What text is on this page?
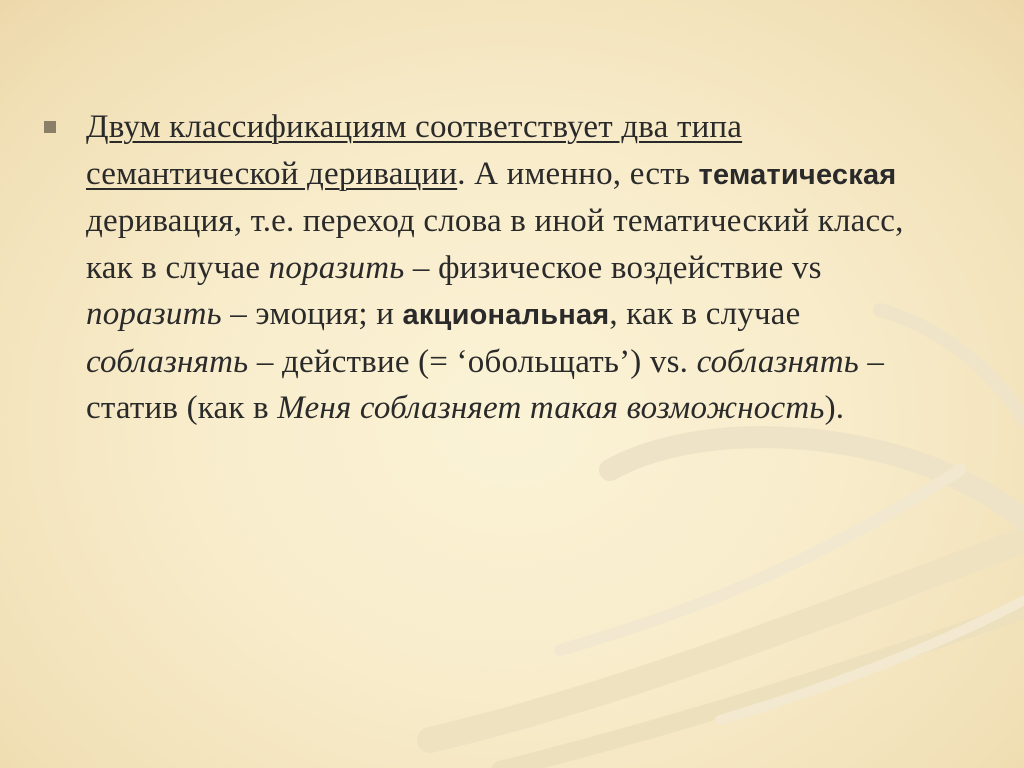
Двум классификациям соответствует два типа семантической деривации. А именно, есть тематическая деривация, т.е. переход слова в иной тематический класс, как в случае поразить – физическое воздействие vs поразить – эмоция; и акциональная, как в случае соблазнять – действие (= ‘обольщать’) vs. соблазнять – статив (как в Меня соблазняет такая возможность).
